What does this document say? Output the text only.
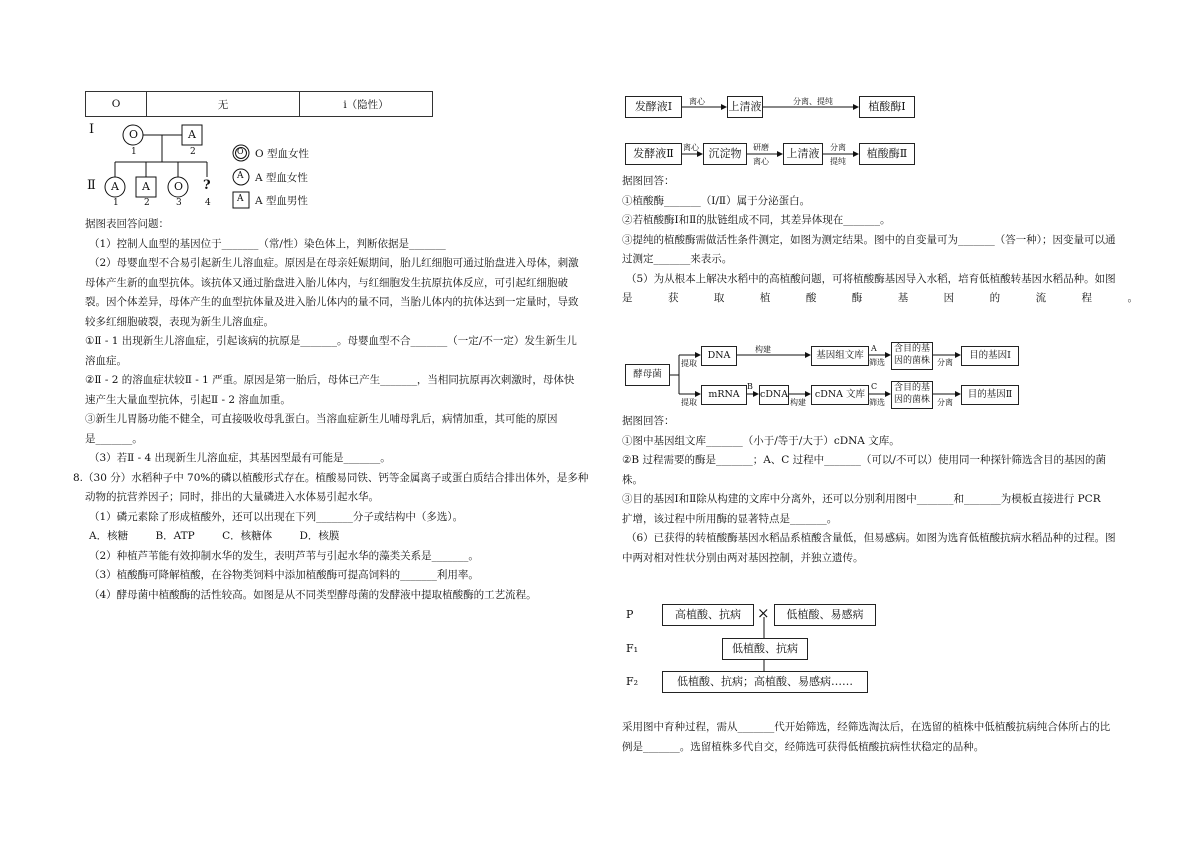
O	无	i（隐性）
Ⅰ
Ⅱ
O
1
A
2
A
1
A
2
O
3
?
4
O O 型血女性
A A 型血女性
A A 型血男性

据图表回答问题：

（1）控制人血型的基因位于_______（常/性）染色体上，判断依据是_______

（2）母婴血型不合易引起新生儿溶血症。原因是在母亲妊娠期间，胎儿红细胞可通过胎盘进入母体，刺激

母体产生新的血型抗体。该抗体又通过胎盘进入胎儿体内，与红细胞发生抗原抗体反应，可引起红细胞破

裂。因个体差异，母体产生的血型抗体量及进入胎儿体内的量不同，当胎儿体内的抗体达到一定量时，导致

较多红细胞破裂，表现为新生儿溶血症。

①Ⅱ - 1 出现新生儿溶血症，引起该病的抗原是_______。母婴血型不合_______（一定/不一定）发生新生儿

溶血症。

②Ⅱ - 2 的溶血症状较Ⅱ - 1 严重。原因是第一胎后，母体已产生_______，当相同抗原再次刺激时，母体快

速产生大量血型抗体，引起Ⅱ - 2 溶血加重。

③新生儿胃肠功能不健全，可直接吸收母乳蛋白。当溶血症新生儿哺母乳后，病情加重，其可能的原因

是_______。

（3）若Ⅱ - 4 出现新生儿溶血症，其基因型最有可能是_______。

8.（30 分）水稻种子中 70%的磷以植酸形式存在。植酸易同铁、钙等金属离子或蛋白质结合排出体外，是多种

动物的抗营养因子；同时，排出的大量磷进入水体易引起水华。

（1）磷元素除了形成植酸外，还可以出现在下列_______分子或结构中（多选）。

A．核糖	B．ATP	C．核糖体	D．核膜

（2）种植芦苇能有效抑制水华的发生，表明芦苇与引起水华的藻类关系是_______。

（3）植酸酶可降解植酸，在谷物类饲料中添加植酸酶可提高饲料的_______利用率。

（4）酵母菌中植酸酶的活性较高。如图是从不同类型酵母菌的发酵液中提取植酸酶的工艺流程。

发酵液Ⅰ	上清液	植酸酶Ⅰ
发酵液Ⅱ	沉淀物	上清液	植酸酶Ⅱ
离心	分离、提纯
离心	研磨
离心
分离
提纯

据图回答：

①植酸酶_______（Ⅰ/Ⅱ）属于分泌蛋白。

②若植酸酶Ⅰ和Ⅱ的肽链组成不同，其差异体现在_______。

③提纯的植酸酶需做活性条件测定，如图为测定结果。图中的自变量可为_______（答一种）；因变量可以通

过测定_______来表示。

（5）为从根本上解决水稻中的高植酸问题，可将植酸酶基因导入水稻，培育低植酸转基因水稻品种。如图

是	获	取	植	酸	酶	基	因	的	流	程	。

酵母菌
DNA	基因组文库
含目的基
因的菌株	目的基因Ⅰ
mRNA	cDNA	cDNA 文库
含目的基
因的菌株	目的基因Ⅱ
提取
提取
构建	A
筛选	分离
B
构建
C
筛选	分离

据图回答：

①图中基因组文库_______（小于/等于/大于）cDNA 文库。

②B 过程需要的酶是_______；A、C 过程中_______（可以/不可以）使用同一种探针筛选含目的基因的菌

株。

③目的基因Ⅰ和Ⅱ除从构建的文库中分离外，还可以分别利用图中_______和_______为模板直接进行 PCR

扩增，该过程中所用酶的显著特点是_______。

（6）已获得的转植酸酶基因水稻品系植酸含量低，但易感病。如图为选育低植酸抗病水稻品种的过程。图

中两对相对性状分别由两对基因控制，并独立遗传。

P
F₁
F₂
高植酸、抗病	×	低植酸、易感病
低植酸、抗病
低植酸、抗病；高植酸、易感病……

采用图中育种过程，需从_______代开始筛选，经筛选淘汰后，在选留的植株中低植酸抗病纯合体所占的比

例是_______。选留植株多代自交，经筛选可获得低植酸抗病性状稳定的品种。
